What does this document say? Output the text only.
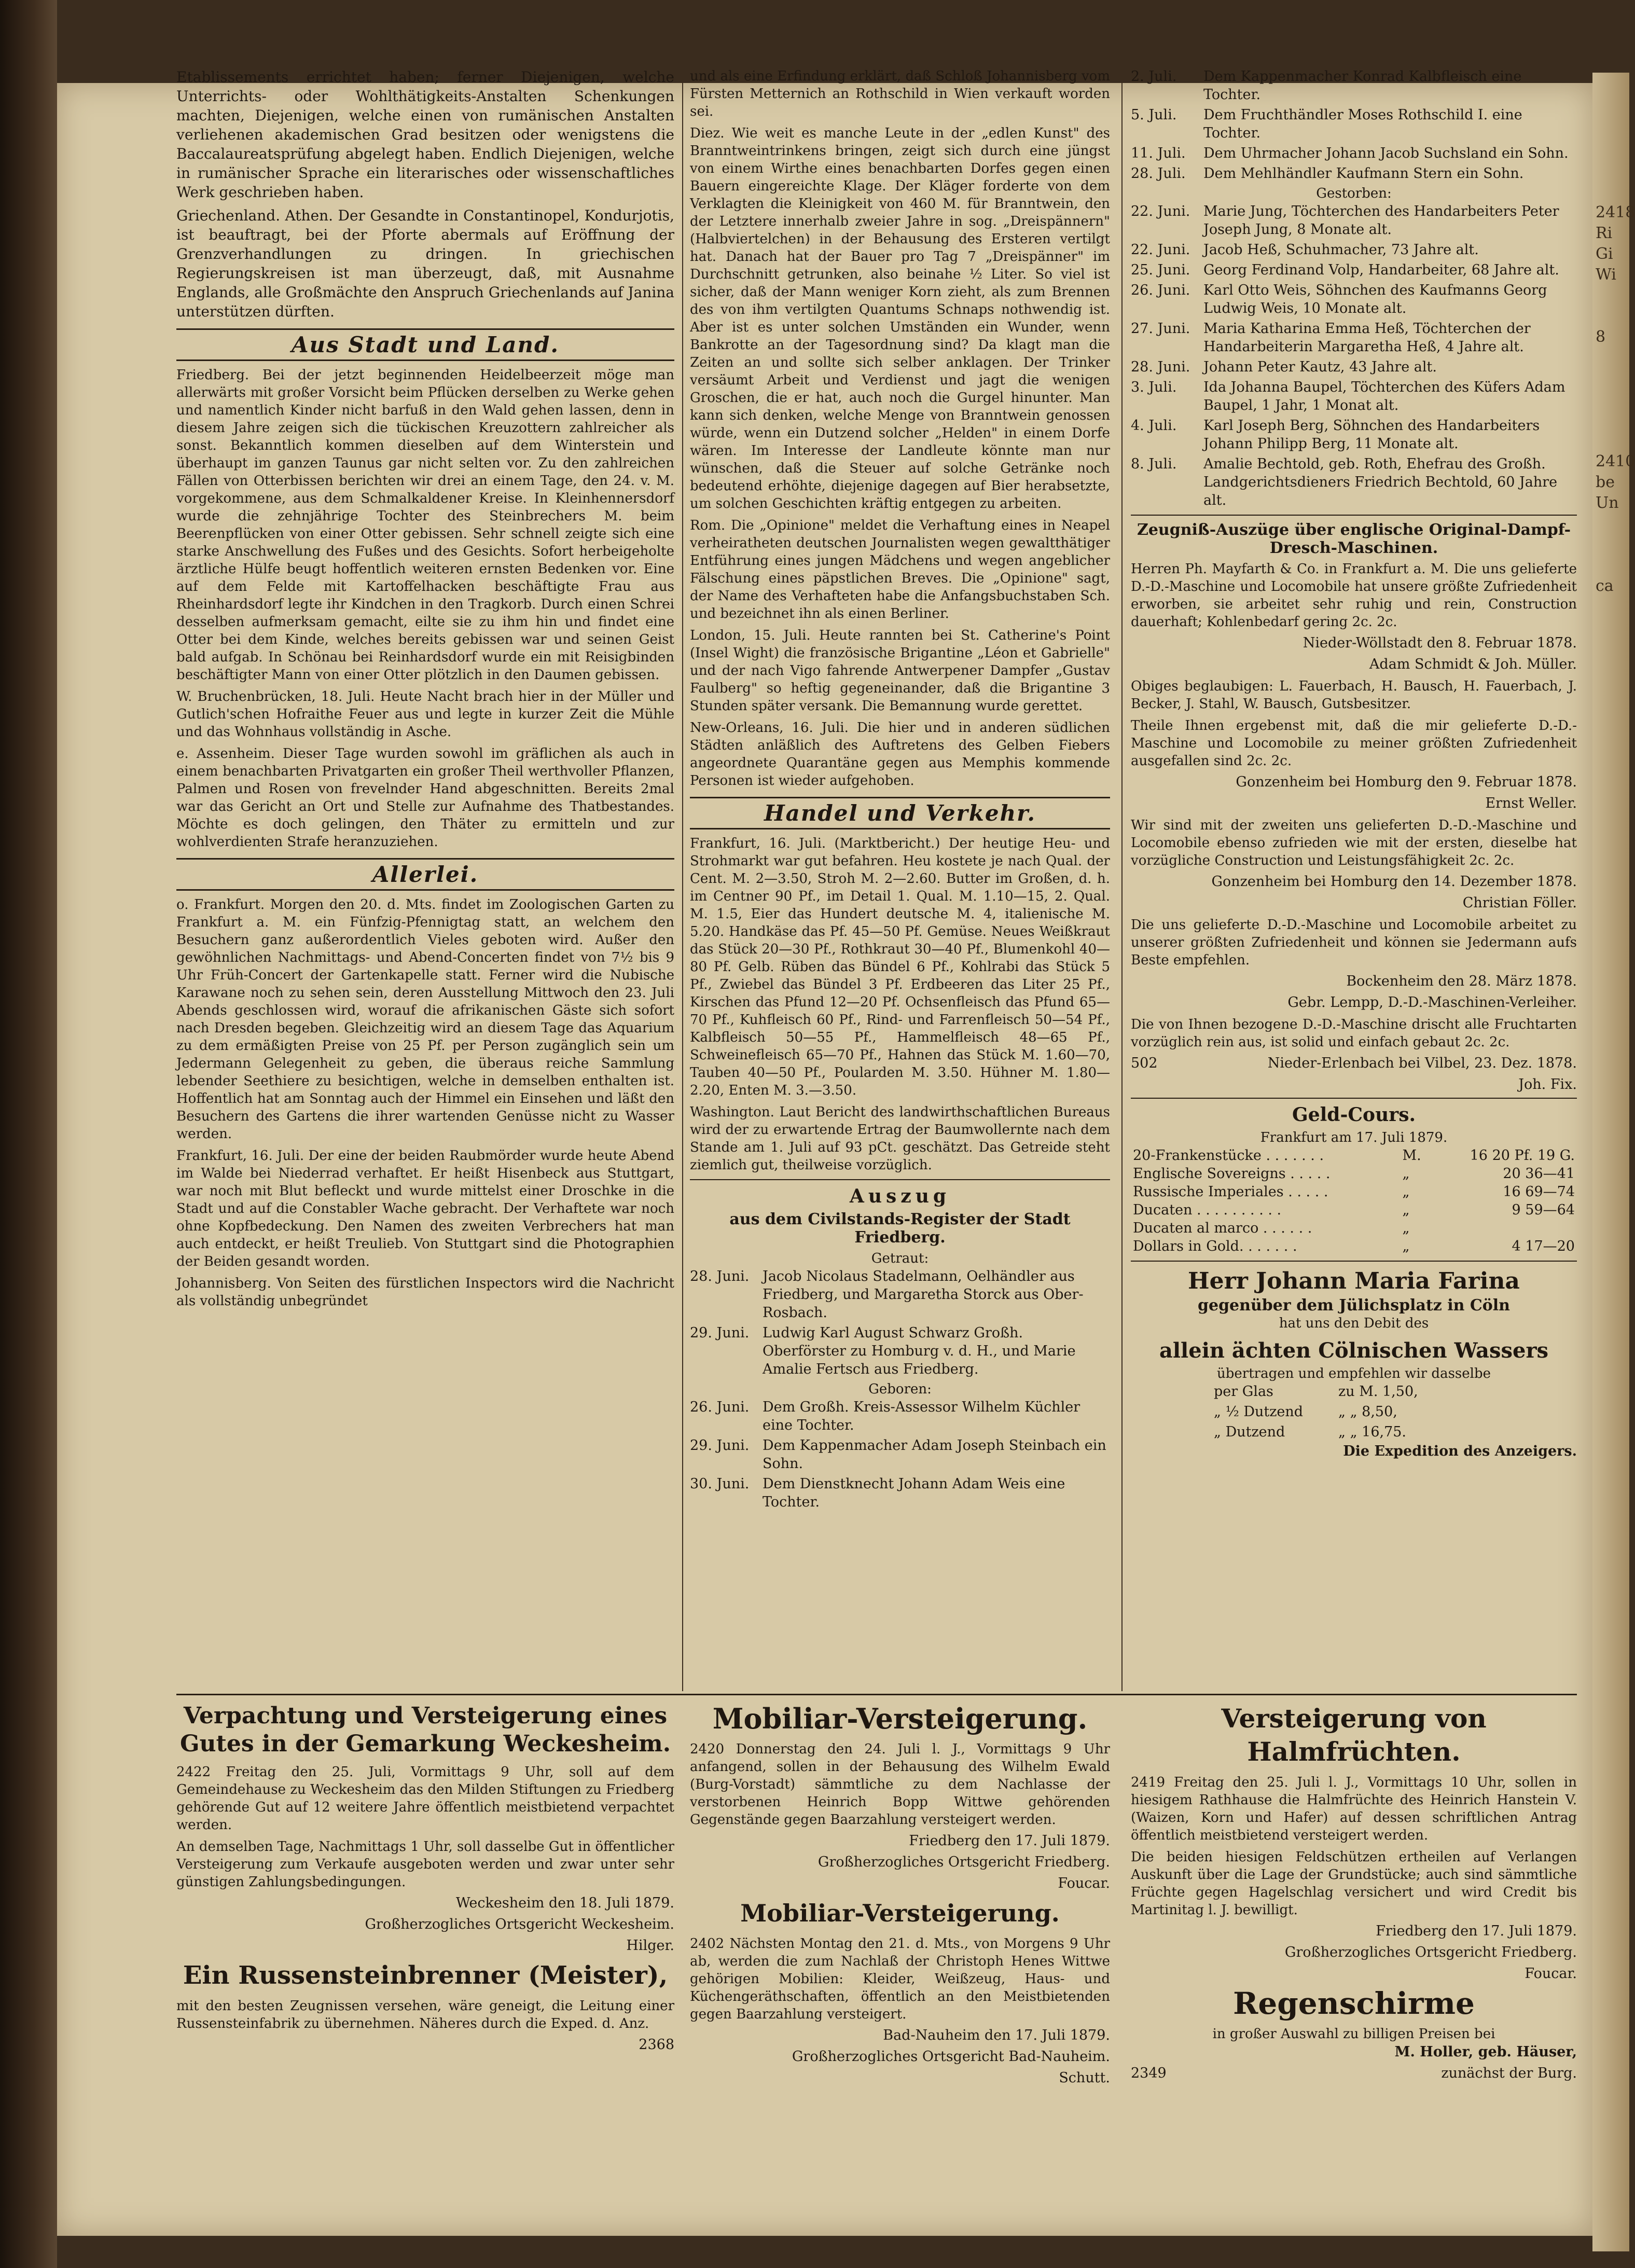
2418
Ri
Gi
Wi
8
2410
be
Un
ca

Etablissements errichtet haben; ferner Diejenigen, welche Unterrichts- oder Wohlthätigkeits-Anstalten Schenkungen machten, Diejenigen, welche einen von rumänischen Anstalten verliehenen akademischen Grad besitzen oder wenigstens die Baccalaureatsprüfung abgelegt haben. Endlich Diejenigen, welche in rumänischer Sprache ein literarisches oder wissenschaftliches Werk geschrieben haben.

Griechenland. Athen. Der Gesandte in Constantinopel, Kondurjotis, ist beauftragt, bei der Pforte abermals auf Eröffnung der Grenzverhandlungen zu dringen. In griechischen Regierungskreisen ist man überzeugt, daß, mit Ausnahme Englands, alle Großmächte den Anspruch Griechenlands auf Janina unterstützen dürften.

Aus Stadt und Land.

Friedberg. Bei der jetzt beginnenden Heidelbeerzeit möge man allerwärts mit großer Vorsicht beim Pflücken derselben zu Werke gehen und namentlich Kinder nicht barfuß in den Wald gehen lassen, denn in diesem Jahre zeigen sich die tückischen Kreuzottern zahlreicher als sonst. Bekanntlich kommen dieselben auf dem Winterstein und überhaupt im ganzen Taunus gar nicht selten vor. Zu den zahlreichen Fällen von Otterbissen berichten wir drei an einem Tage, den 24. v. M. vorgekommene, aus dem Schmalkaldener Kreise. In Kleinhennersdorf wurde die zehnjährige Tochter des Steinbrechers M. beim Beerenpflücken von einer Otter gebissen. Sehr schnell zeigte sich eine starke Anschwellung des Fußes und des Gesichts. Sofort herbeigeholte ärztliche Hülfe beugt hoffentlich weiteren ernsten Bedenken vor. Eine auf dem Felde mit Kartoffelhacken beschäftigte Frau aus Rheinhardsdorf legte ihr Kindchen in den Tragkorb. Durch einen Schrei desselben aufmerksam gemacht, eilte sie zu ihm hin und findet eine Otter bei dem Kinde, welches bereits gebissen war und seinen Geist bald aufgab. In Schönau bei Reinhardsdorf wurde ein mit Reisigbinden beschäftigter Mann von einer Otter plötzlich in den Daumen gebissen.

W. Bruchenbrücken, 18. Juli. Heute Nacht brach hier in der Müller und Gutlich'schen Hofraithe Feuer aus und legte in kurzer Zeit die Mühle und das Wohnhaus vollständig in Asche.

e. Assenheim. Dieser Tage wurden sowohl im gräflichen als auch in einem benachbarten Privatgarten ein großer Theil werthvoller Pflanzen, Palmen und Rosen von frevelnder Hand abgeschnitten. Bereits 2mal war das Gericht an Ort und Stelle zur Aufnahme des Thatbestandes. Möchte es doch gelingen, den Thäter zu ermitteln und zur wohlverdienten Strafe heranzuziehen.

Allerlei.

o. Frankfurt. Morgen den 20. d. Mts. findet im Zoologischen Garten zu Frankfurt a. M. ein Fünfzig-Pfennigtag statt, an welchem den Besuchern ganz außerordentlich Vieles geboten wird. Außer den gewöhnlichen Nachmittags- und Abend-Concerten findet von 7½ bis 9 Uhr Früh-Concert der Gartenkapelle statt. Ferner wird die Nubische Karawane noch zu sehen sein, deren Ausstellung Mittwoch den 23. Juli Abends geschlossen wird, worauf die afrikanischen Gäste sich sofort nach Dresden begeben. Gleichzeitig wird an diesem Tage das Aquarium zu dem ermäßigten Preise von 25 Pf. per Person zugänglich sein um Jedermann Gelegenheit zu geben, die überaus reiche Sammlung lebender Seethiere zu besichtigen, welche in demselben enthalten ist. Hoffentlich hat am Sonntag auch der Himmel ein Einsehen und läßt den Besuchern des Gartens die ihrer wartenden Genüsse nicht zu Wasser werden.

Frankfurt, 16. Juli. Der eine der beiden Raubmörder wurde heute Abend im Walde bei Niederrad verhaftet. Er heißt Hisenbeck aus Stuttgart, war noch mit Blut befleckt und wurde mittelst einer Droschke in die Stadt und auf die Constabler Wache gebracht. Der Verhaftete war noch ohne Kopfbedeckung. Den Namen des zweiten Verbrechers hat man auch entdeckt, er heißt Treulieb. Von Stuttgart sind die Photographien der Beiden gesandt worden.

Johannisberg. Von Seiten des fürstlichen Inspectors wird die Nachricht als vollständig unbegründet

und als eine Erfindung erklärt, daß Schloß Johannisberg vom Fürsten Metternich an Rothschild in Wien verkauft worden sei.

Diez. Wie weit es manche Leute in der „edlen Kunst" des Branntweintrinkens bringen, zeigt sich durch eine jüngst von einem Wirthe eines benachbarten Dorfes gegen einen Bauern eingereichte Klage. Der Kläger forderte von dem Verklagten die Kleinigkeit von 460 M. für Branntwein, den der Letztere innerhalb zweier Jahre in sog. „Dreispännern" (Halbviertelchen) in der Behausung des Ersteren vertilgt hat. Danach hat der Bauer pro Tag 7 „Dreispänner" im Durchschnitt getrunken, also beinahe ½ Liter. So viel ist sicher, daß der Mann weniger Korn zieht, als zum Brennen des von ihm vertilgten Quantums Schnaps nothwendig ist. Aber ist es unter solchen Umständen ein Wunder, wenn Bankrotte an der Tagesordnung sind? Da klagt man die Zeiten an und sollte sich selber anklagen. Der Trinker versäumt Arbeit und Verdienst und jagt die wenigen Groschen, die er hat, auch noch die Gurgel hinunter. Man kann sich denken, welche Menge von Branntwein genossen würde, wenn ein Dutzend solcher „Helden" in einem Dorfe wären. Im Interesse der Landleute könnte man nur wünschen, daß die Steuer auf solche Getränke noch bedeutend erhöhte, diejenige dagegen auf Bier herabsetzte, um solchen Geschichten kräftig entgegen zu arbeiten.

Rom. Die „Opinione" meldet die Verhaftung eines in Neapel verheiratheten deutschen Journalisten wegen gewaltthätiger Entführung eines jungen Mädchens und wegen angeblicher Fälschung eines päpstlichen Breves. Die „Opinione" sagt, der Name des Verhafteten habe die Anfangsbuchstaben Sch. und bezeichnet ihn als einen Berliner.

London, 15. Juli. Heute rannten bei St. Catherine's Point (Insel Wight) die französische Brigantine „Léon et Gabrielle" und der nach Vigo fahrende Antwerpener Dampfer „Gustav Faulberg" so heftig gegeneinander, daß die Brigantine 3 Stunden später versank. Die Bemannung wurde gerettet.

New-Orleans, 16. Juli. Die hier und in anderen südlichen Städten anläßlich des Auftretens des Gelben Fiebers angeordnete Quarantäne gegen aus Memphis kommende Personen ist wieder aufgehoben.

Handel und Verkehr.

Frankfurt, 16. Juli. (Marktbericht.) Der heutige Heu- und Strohmarkt war gut befahren. Heu kostete je nach Qual. der Cent. M. 2—3.50, Stroh M. 2—2.60. Butter im Großen, d. h. im Centner 90 Pf., im Detail 1. Qual. M. 1.10—15, 2. Qual. M. 1.5, Eier das Hundert deutsche M. 4, italienische M. 5.20. Handkäse das Pf. 45—50 Pf. Gemüse. Neues Weißkraut das Stück 20—30 Pf., Rothkraut 30—40 Pf., Blumenkohl 40—80 Pf. Gelb. Rüben das Bündel 6 Pf., Kohlrabi das Stück 5 Pf., Zwiebel das Bündel 3 Pf. Erdbeeren das Liter 25 Pf., Kirschen das Pfund 12—20 Pf. Ochsenfleisch das Pfund 65—70 Pf., Kuhfleisch 60 Pf., Rind- und Farrenfleisch 50—54 Pf., Kalbfleisch 50—55 Pf., Hammelfleisch 48—65 Pf., Schweinefleisch 65—70 Pf., Hahnen das Stück M. 1.60—70, Tauben 40—50 Pf., Poularden M. 3.50. Hühner M. 1.80—2.20, Enten M. 3.—3.50.

Washington. Laut Bericht des landwirthschaftlichen Bureaus wird der zu erwartende Ertrag der Baumwollernte nach dem Stande am 1. Juli auf 93 pCt. geschätzt. Das Getreide steht ziemlich gut, theilweise vorzüglich.

Auszug
aus dem Civilstands-Register der Stadt Friedberg.
Getraut:
28. Juni. Jacob Nicolaus Stadelmann, Oelhändler aus Friedberg, und Margaretha Storck aus Ober-Rosbach.
29. Juni. Ludwig Karl August Schwarz Großh. Oberförster zu Homburg v. d. H., und Marie Amalie Fertsch aus Friedberg.
Geboren:
26. Juni. Dem Großh. Kreis-Assessor Wilhelm Küchler eine Tochter.
29. Juni. Dem Kappenmacher Adam Joseph Steinbach ein Sohn.
30. Juni. Dem Dienstknecht Johann Adam Weis eine Tochter.
2. Juli.	Dem Kappenmacher Konrad Kalbfleisch eine Tochter.
5. Juli.	Dem Fruchthändler Moses Rothschild I. eine Tochter.
11. Juli.	Dem Uhrmacher Johann Jacob Suchsland ein Sohn.
28. Juli.	Dem Mehlhändler Kaufmann Stern ein Sohn.
Gestorben:
22. Juni. Marie Jung, Töchterchen des Handarbeiters Peter Joseph Jung, 8 Monate alt.
22. Juni. Jacob Heß, Schuhmacher, 73 Jahre alt.
25. Juni. Georg Ferdinand Volp, Handarbeiter, 68 Jahre alt.
26. Juni. Karl Otto Weis, Söhnchen des Kaufmanns Georg Ludwig Weis, 10 Monate alt.
27. Juni. Maria Katharina Emma Heß, Töchterchen der Handarbeiterin Margaretha Heß, 4 Jahre alt.
28. Juni. Johann Peter Kautz, 43 Jahre alt.
3. Juli.	Ida Johanna Baupel, Töchterchen des Küfers Adam Baupel, 1 Jahr, 1 Monat alt.
4. Juli.	Karl Joseph Berg, Söhnchen des Handarbeiters Johann Philipp Berg, 11 Monate alt.
8. Juli.	Amalie Bechtold, geb. Roth, Ehefrau des Großh. Landgerichtsdieners Friedrich Bechtold, 60 Jahre alt.
Zeugniß-Auszüge über englische Original-Dampf-Dresch-Maschinen.

Herren Ph. Mayfarth & Co. in Frankfurt a. M. Die uns gelieferte D.-D.-Maschine und Locomobile hat unsere größte Zufriedenheit erworben, sie arbeitet sehr ruhig und rein, Construction dauerhaft; Kohlenbedarf gering 2c. 2c.

Nieder-Wöllstadt den 8. Februar 1878.
Adam Schmidt & Joh. Müller.

Obiges beglaubigen: L. Fauerbach, H. Bausch, H. Fauerbach, J. Becker, J. Stahl, W. Bausch, Gutsbesitzer.

Theile Ihnen ergebenst mit, daß die mir gelieferte D.-D.-Maschine und Locomobile zu meiner größten Zufriedenheit ausgefallen sind 2c. 2c.

Gonzenheim bei Homburg den 9. Februar 1878.
Ernst Weller.

Wir sind mit der zweiten uns gelieferten D.-D.-Maschine und Locomobile ebenso zufrieden wie mit der ersten, dieselbe hat vorzügliche Construction und Leistungsfähigkeit 2c. 2c.

Gonzenheim bei Homburg den 14. Dezember 1878.
Christian Föller.

Die uns gelieferte D.-D.-Maschine und Locomobile arbeitet zu unserer größten Zufriedenheit und können sie Jedermann aufs Beste empfehlen.

Bockenheim den 28. März 1878.
Gebr. Lempp, D.-D.-Maschinen-Verleiher.

Die von Ihnen bezogene D.-D.-Maschine drischt alle Fruchtarten vorzüglich rein aus, ist solid und einfach gebaut 2c. 2c.

502	Nieder-Erlenbach bei Vilbel, 23. Dez. 1878.
Joh. Fix.
Geld-Cours.
Frankfurt am 17. Juli 1879.
20-Frankenstücke . . . . . . .	M.	16 20 Pf. 19 G.
Englische Sovereigns . . . . .	„	20 36—41
Russische Imperiales . . . . .	„	16 69—74
Ducaten . . . . . . . . . .	„	9 59—64
Ducaten al marco . . . . . .	„	
Dollars in Gold. . . . . . .	„	4 17—20
Herr Johann Maria Farina
gegenüber dem Jülichsplatz in Cöln
hat uns den Debit des
allein ächten Cölnischen Wassers
übertragen und empfehlen wir dasselbe
per Glas	zu M. 1,50,
„ ½ Dutzend	„ „ 8,50,
„ Dutzend	„ „ 16,75.
Die Expedition des Anzeigers.
Verpachtung und Versteigerung eines Gutes in der Gemarkung Weckesheim.

2422 Freitag den 25. Juli, Vormittags 9 Uhr, soll auf dem Gemeindehause zu Weckesheim das den Milden Stiftungen zu Friedberg gehörende Gut auf 12 weitere Jahre öffentlich meistbietend verpachtet werden.

An demselben Tage, Nachmittags 1 Uhr, soll dasselbe Gut in öffentlicher Versteigerung zum Verkaufe ausgeboten werden und zwar unter sehr günstigen Zahlungsbedingungen.

Weckesheim den 18. Juli 1879.
Großherzogliches Ortsgericht Weckesheim.
Hilger.
Ein Russensteinbrenner (Meister),

mit den besten Zeugnissen versehen, wäre geneigt, die Leitung einer Russensteinfabrik zu übernehmen. Näheres durch die Exped. d. Anz.

2368
Mobiliar-Versteigerung.

2420 Donnerstag den 24. Juli l. J., Vormittags 9 Uhr anfangend, sollen in der Behausung des Wilhelm Ewald (Burg-Vorstadt) sämmtliche zu dem Nachlasse der verstorbenen Heinrich Bopp Wittwe gehörenden Gegenstände gegen Baarzahlung versteigert werden.

Friedberg den 17. Juli 1879.
Großherzogliches Ortsgericht Friedberg.
Foucar.
Mobiliar-Versteigerung.

2402 Nächsten Montag den 21. d. Mts., von Morgens 9 Uhr ab, werden die zum Nachlaß der Christoph Henes Wittwe gehörigen Mobilien: Kleider, Weißzeug, Haus- und Küchengeräthschaften, öffentlich an den Meistbietenden gegen Baarzahlung versteigert.

Bad-Nauheim den 17. Juli 1879.
Großherzogliches Ortsgericht Bad-Nauheim.
Schutt.
Versteigerung von Halmfrüchten.

2419 Freitag den 25. Juli l. J., Vormittags 10 Uhr, sollen in hiesigem Rathhause die Halmfrüchte des Heinrich Hanstein V. (Waizen, Korn und Hafer) auf dessen schriftlichen Antrag öffentlich meistbietend versteigert werden.

Die beiden hiesigen Feldschützen ertheilen auf Verlangen Auskunft über die Lage der Grundstücke; auch sind sämmtliche Früchte gegen Hagelschlag versichert und wird Credit bis Martinitag l. J. bewilligt.

Friedberg den 17. Juli 1879.
Großherzogliches Ortsgericht Friedberg.
Foucar.
Regenschirme
in großer Auswahl zu billigen Preisen bei
M. Holler, geb. Häuser,
2349	zunächst der Burg.
